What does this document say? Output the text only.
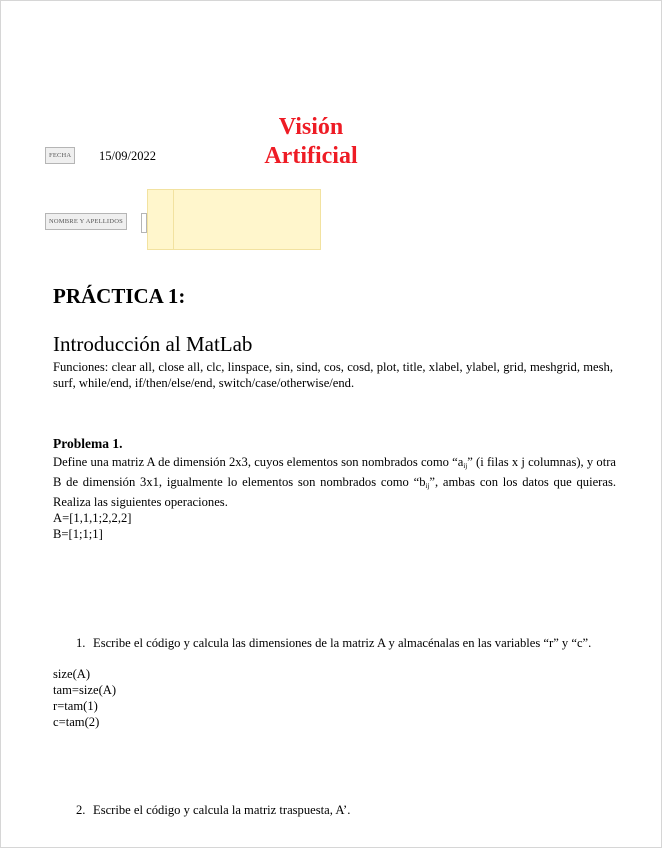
FECHA	15/09/2022
Visión
Artificial
NOMBRE Y APELLIDOS
PRÁCTICA 1:
Introducción al MatLab
Funciones: clear all, close all, clc, linspace, sin, sind, cos, cosd, plot, title, xlabel, ylabel, grid, meshgrid, mesh, surf, while/end, if/then/else/end, switch/case/otherwise/end.
Problema 1.
Define una matriz A de dimensión 2x3, cuyos elementos son nombrados como “$a_{ij}$” (i filas x j columnas), y otra B de dimensión 3x1, igualmente lo elementos son nombrados como “$b_{ij}$”, ambas con los datos que quieras. Realiza las siguientes operaciones.
A=[1,1,1;2,2,2]
B=[1;1;1]
1. Escribe el código y calcula las dimensiones de la matriz A y almacénalas en las variables “r” y “c”.
size(A)
tam=size(A)
r=tam(1)
c=tam(2)
2. Escribe el código y calcula la matriz traspuesta, A’.
